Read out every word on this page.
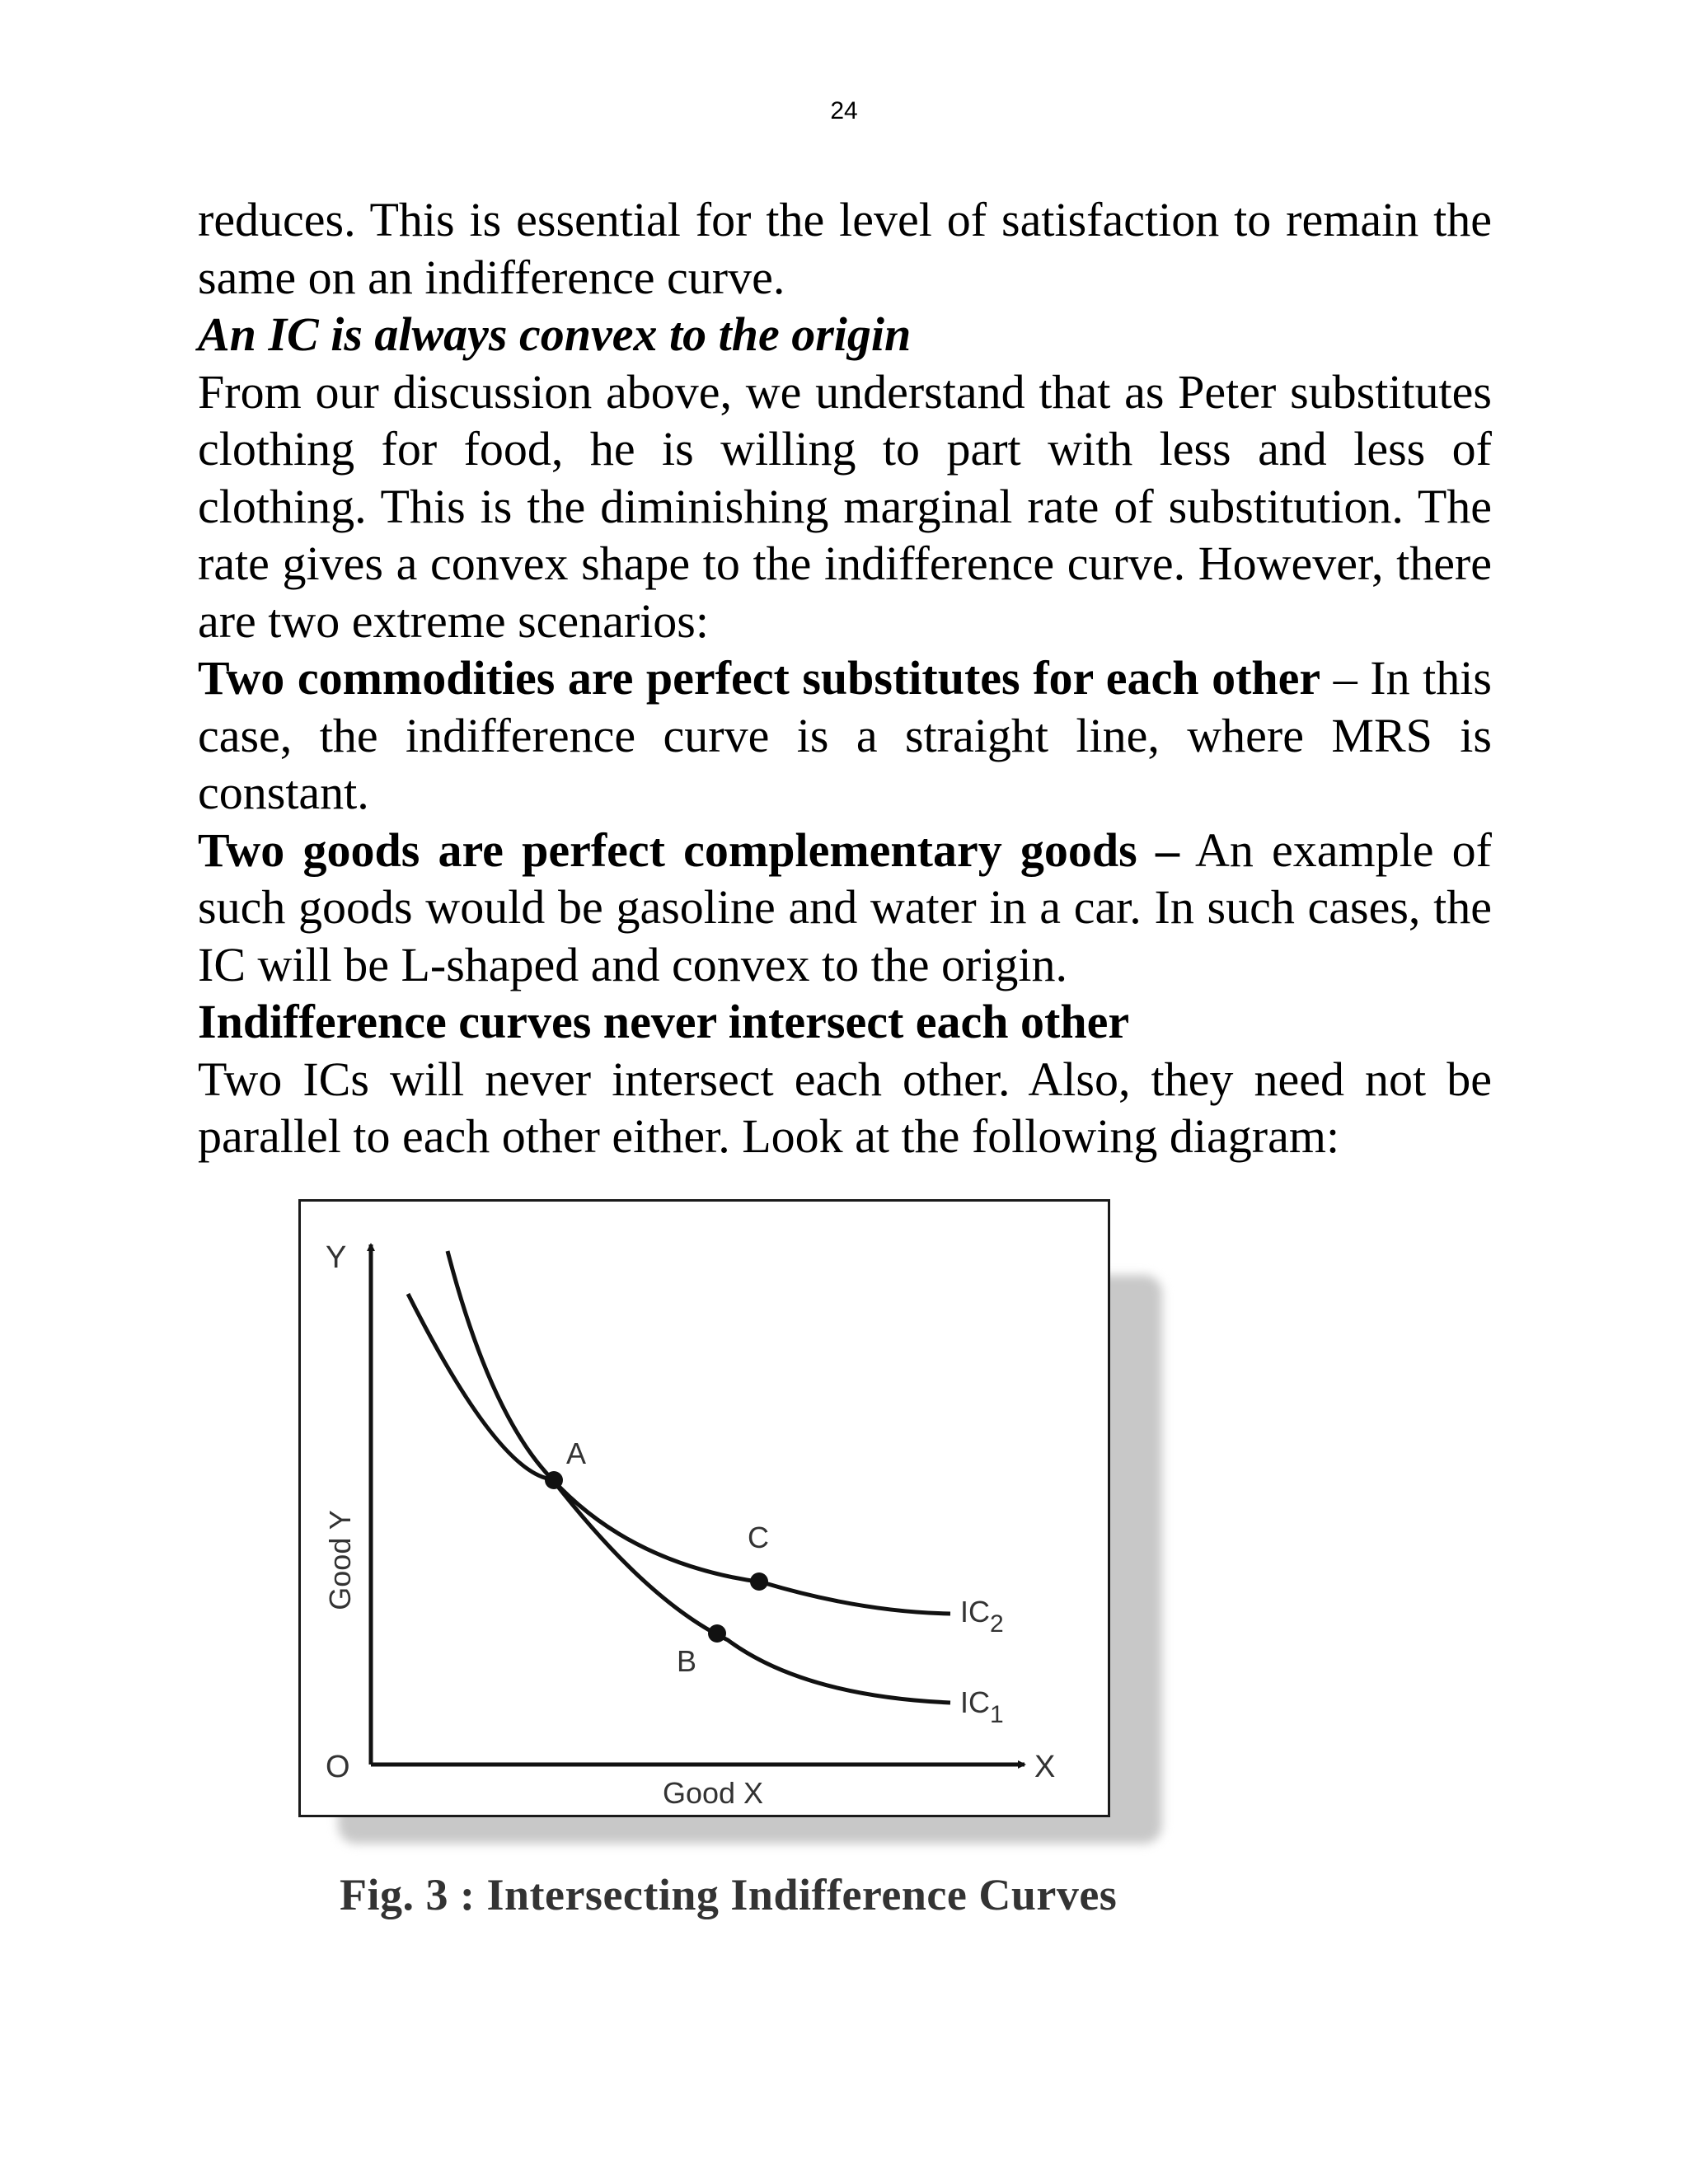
24

reduces. This is essential for the level of satisfaction to remain the same on an indifference curve.

An IC is always convex to the origin

From our discussion above, we understand that as Peter substitutes clothing for food, he is willing to part with less and less of clothing. This is the diminishing marginal rate of substitution. The rate gives a convex shape to the indifference curve. However, there are two extreme scenarios:

Two commodities are perfect substitutes for each other – In this case, the indifference curve is a straight line, where MRS is constant.

Two goods are perfect complementary goods – An example of such goods would be gasoline and water in a car. In such cases, the IC will be L-shaped and convex to the origin.

Indifference curves never intersect each other

Two ICs will never intersect each other. Also, they need not be parallel to each other either. Look at the following diagram:

Y
X
O
Good Y
Good X
A
B
C
$IC_2$
$IC_1$
Fig. 3 : Intersecting Indifference Curves
